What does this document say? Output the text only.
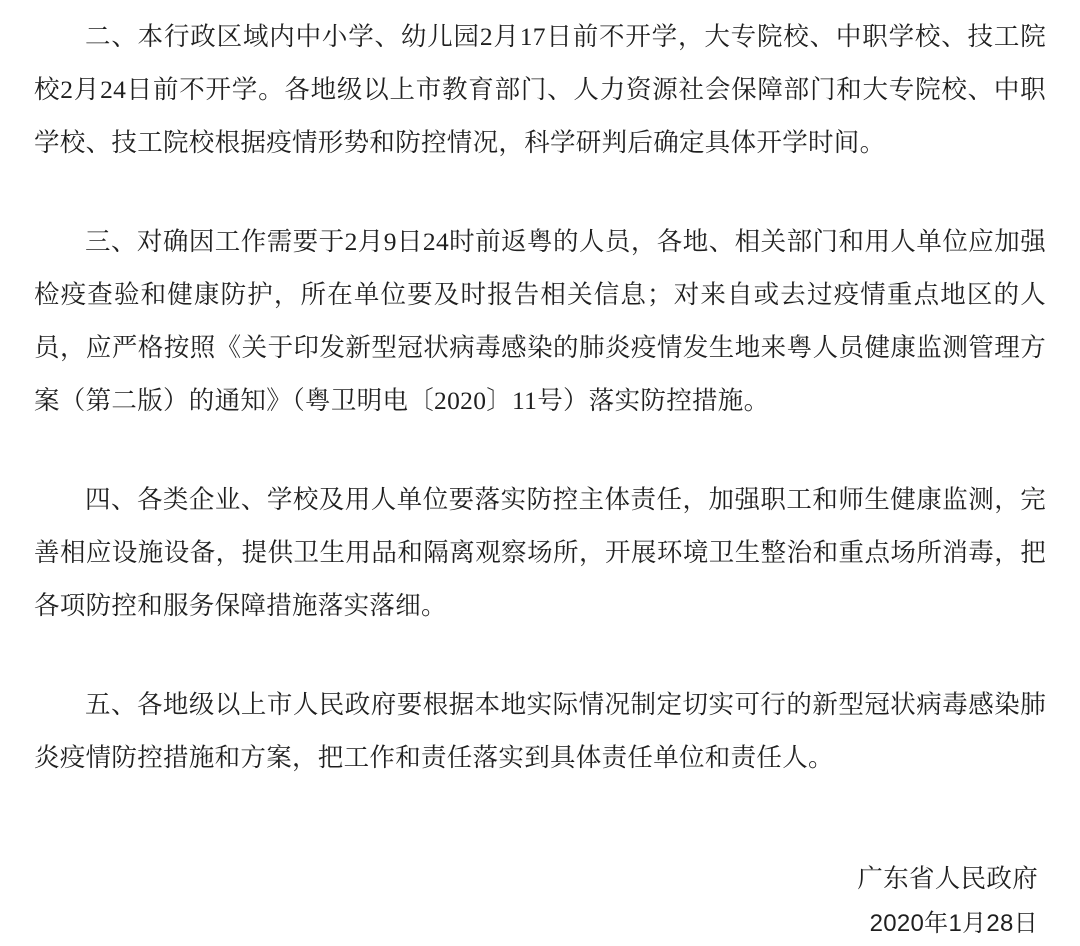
二、本行政区域内中小学、幼儿园2月17日前不开学，大专院校、中职学校、技工院校2月24日前不开学。各地级以上市教育部门、人力资源社会保障部门和大专院校、中职学校、技工院校根据疫情形势和防控情况，科学研判后确定具体开学时间。

三、对确因工作需要于2月9日24时前返粤的人员，各地、相关部门和用人单位应加强检疫查验和健康防护，所在单位要及时报告相关信息；对来自或去过疫情重点地区的人员，应严格按照《关于印发新型冠状病毒感染的肺炎疫情发生地来粤人员健康监测管理方案（第二版）的通知》（粤卫明电〔2020〕11号）落实防控措施。

四、各类企业、学校及用人单位要落实防控主体责任，加强职工和师生健康监测，完善相应设施设备，提供卫生用品和隔离观察场所，开展环境卫生整治和重点场所消毒，把各项防控和服务保障措施落实落细。

五、各地级以上市人民政府要根据本地实际情况制定切实可行的新型冠状病毒感染肺炎疫情防控措施和方案，把工作和责任落实到具体责任单位和责任人。

广东省人民政府
2020年1月28日
